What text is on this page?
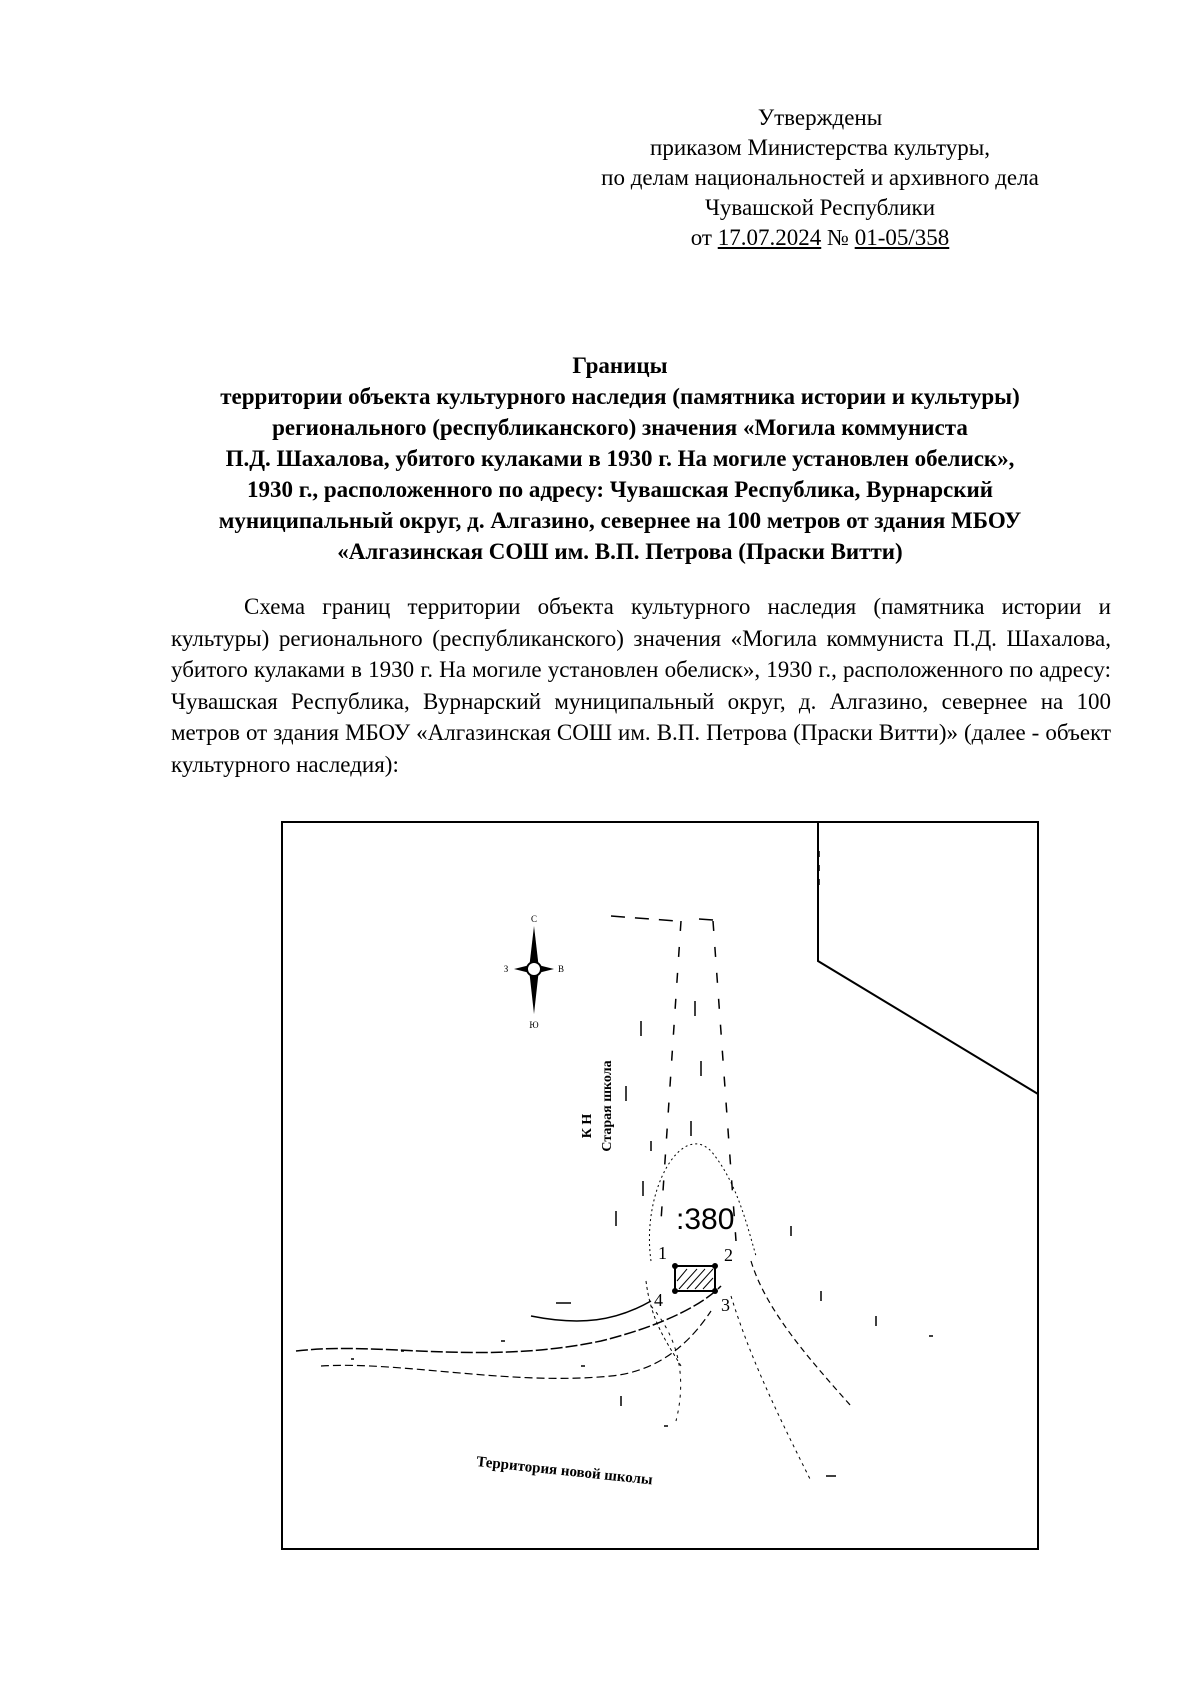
Утверждены
приказом Министерства культуры,
по делам национальностей и архивного дела
Чувашской Республики
от 17.07.2024 № 01-05/358
Границы
территории объекта культурного наследия (памятника истории и культуры)
регионального (республиканского) значения «Могила коммуниста
П.Д. Шахалова, убитого кулаками в 1930 г. На могиле установлен обелиск»,
1930 г., расположенного по адресу: Чувашская Республика, Вурнарский
муниципальный округ, д. Алгазино, севернее на 100 метров от здания МБОУ
«Алгазинская СОШ им. В.П. Петрова (Праски Витти)

Схема границ территории объекта культурного наследия (памятника истории и культуры) регионального (республиканского) значения «Могила коммуниста П.Д. Шахалова, убитого кулаками в 1930 г. На могиле установлен обелиск», 1930 г., расположенного по адресу: Чувашская Республика, Вурнарский муниципальный округ, д. Алгазино, севернее на 100 метров от здания МБОУ «Алгазинская СОШ им. В.П. Петрова (Праски Витти)» (далее - объект культурного наследия):

С
З	В
Ю
К Н Старая школа
:380
1	2
3
4
Территория новой школы
